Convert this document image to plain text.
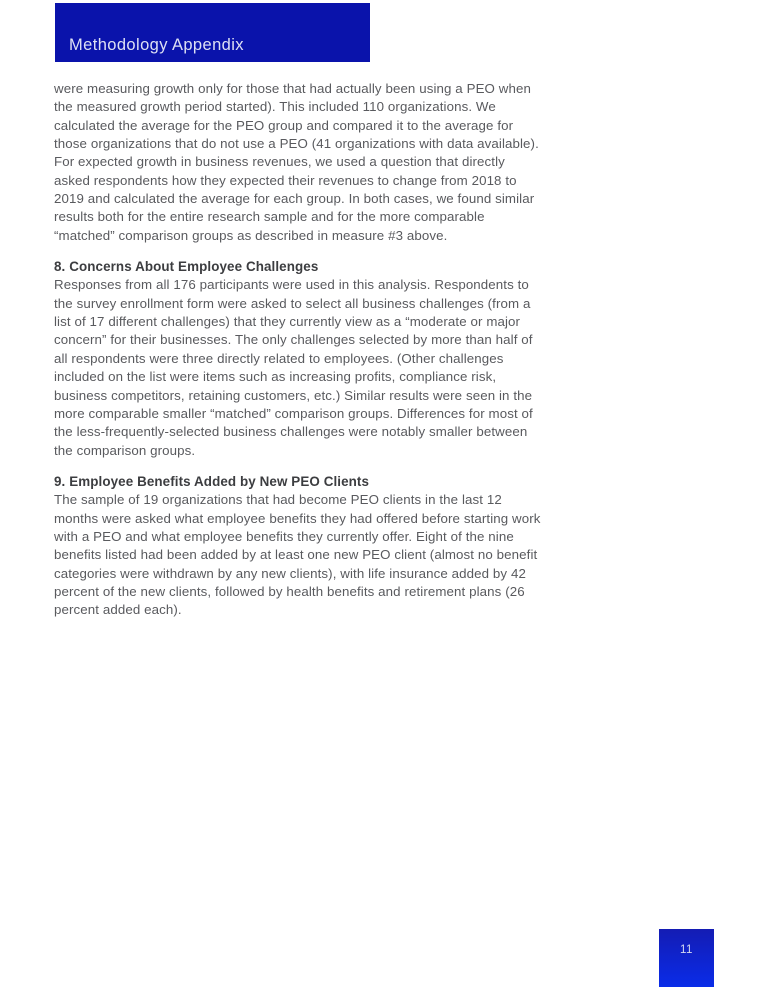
Methodology Appendix

were measuring growth only for those that had actually been using a PEO when the measured growth period started). This included 110 organizations. We calculated the average for the PEO group and compared it to the average for those organizations that do not use a PEO (41 organizations with data available). For expected growth in business revenues, we used a question that directly asked respondents how they expected their revenues to change from 2018 to 2019 and calculated the average for each group. In both cases, we found similar results both for the entire research sample and for the more comparable “matched” comparison groups as described in measure #3 above.

8. Concerns About Employee Challenges

Responses from all 176 participants were used in this analysis. Respondents to the survey enrollment form were asked to select all business challenges (from a list of 17 different challenges) that they currently view as a “moderate or major concern” for their businesses. The only challenges selected by more than half of all respondents were three directly related to employees. (Other challenges included on the list were items such as increasing profits, compliance risk, business competitors, retaining customers, etc.) Similar results were seen in the more comparable smaller “matched” comparison groups. Differences for most of the less-frequently-selected business challenges were notably smaller between the comparison groups.

9. Employee Benefits Added by New PEO Clients

The sample of 19 organizations that had become PEO clients in the last 12 months were asked what employee benefits they had offered before starting work with a PEO and what employee benefits they currently offer. Eight of the nine benefits listed had been added by at least one new PEO client (almost no benefit categories were withdrawn by any new clients), with life insurance added by 42 percent of the new clients, followed by health benefits and retirement plans (26 percent added each).

11
